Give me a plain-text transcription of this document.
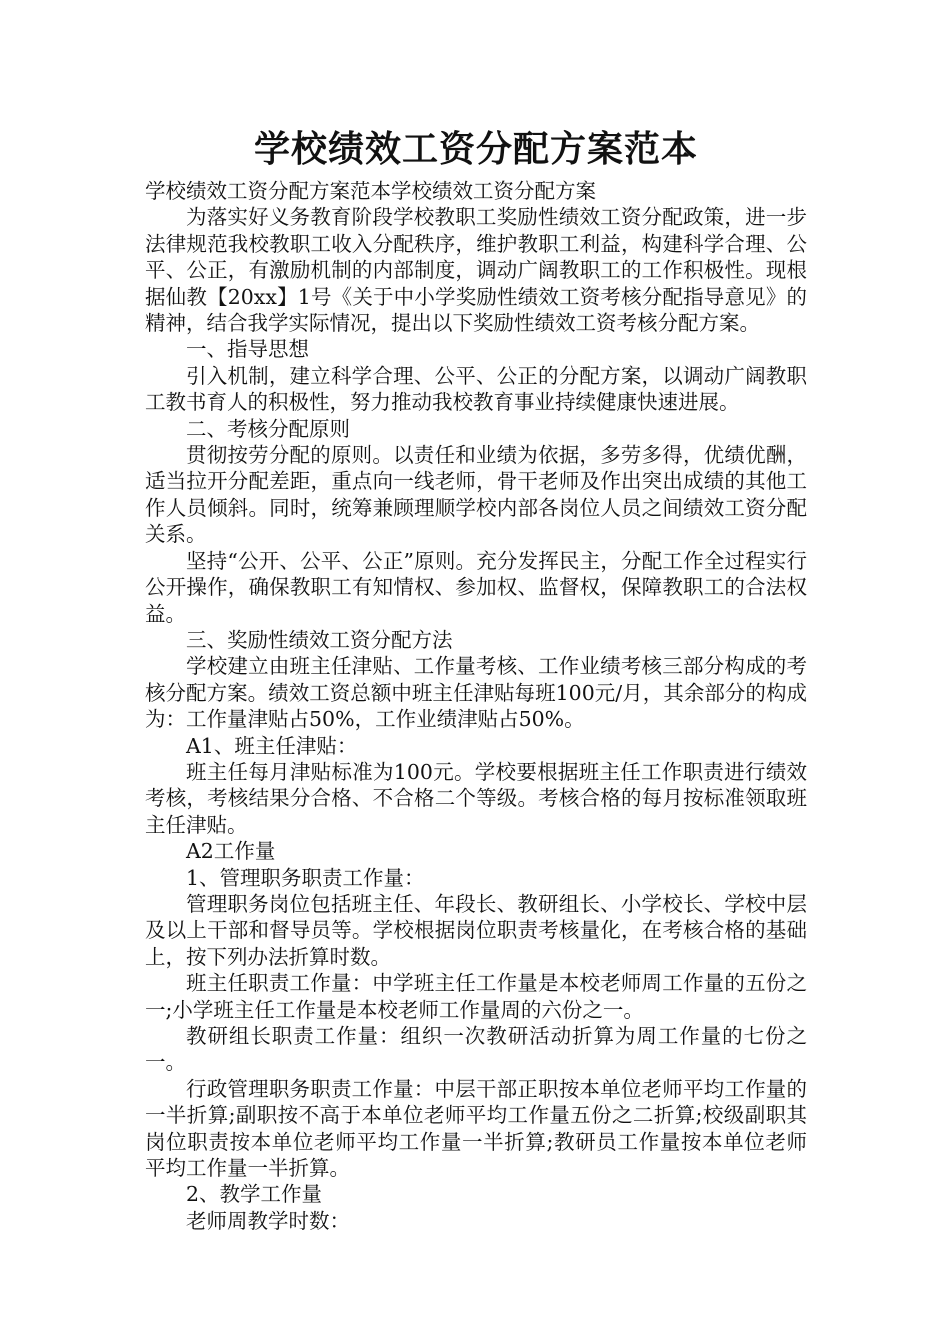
学校绩效工资分配方案范本

学校绩效工资分配方案范本学校绩效工资分配方案

为落实好义务教育阶段学校教职工奖励性绩效工资分配政策，进一步法律规范我校教职工收入分配秩序，维护教职工利益，构建科学合理、公平、公正，有激励机制的内部制度，调动广阔教职工的工作积极性。现根据仙教【20xx】1号《关于中小学奖励性绩效工资考核分配指导意见》的精神，结合我学实际情况，提出以下奖励性绩效工资考核分配方案。

一、指导思想

引入机制，建立科学合理、公平、公正的分配方案，以调动广阔教职工教书育人的积极性，努力推动我校教育事业持续健康快速进展。

二、考核分配原则

贯彻按劳分配的原则。以责任和业绩为依据，多劳多得，优绩优酬，适当拉开分配差距，重点向一线老师，骨干老师及作出突出成绩的其他工作人员倾斜。同时，统筹兼顾理顺学校内部各岗位人员之间绩效工资分配关系。

坚持“公开、公平、公正”原则。充分发挥民主，分配工作全过程实行公开操作，确保教职工有知情权、参加权、监督权，保障教职工的合法权益。

三、奖励性绩效工资分配方法

学校建立由班主任津贴、工作量考核、工作业绩考核三部分构成的考核分配方案。绩效工资总额中班主任津贴每班100元/月，其余部分的构成为：工作量津贴占50%，工作业绩津贴占50%。

A1、班主任津贴：

班主任每月津贴标准为100元。学校要根据班主任工作职责进行绩效考核，考核结果分合格、不合格二个等级。考核合格的每月按标准领取班主任津贴。

A2工作量

1、管理职务职责工作量：

管理职务岗位包括班主任、年段长、教研组长、小学校长、学校中层及以上干部和督导员等。学校根据岗位职责考核量化，在考核合格的基础上，按下列办法折算时数。

班主任职责工作量：中学班主任工作量是本校老师周工作量的五份之一;小学班主任工作量是本校老师工作量周的六份之一。

教研组长职责工作量：组织一次教研活动折算为周工作量的七份之一。

行政管理职务职责工作量：中层干部正职按本单位老师平均工作量的一半折算;副职按不高于本单位老师平均工作量五份之二折算;校级副职其岗位职责按本单位老师平均工作量一半折算;教研员工作量按本单位老师平均工作量一半折算。

2、教学工作量

老师周教学时数：
